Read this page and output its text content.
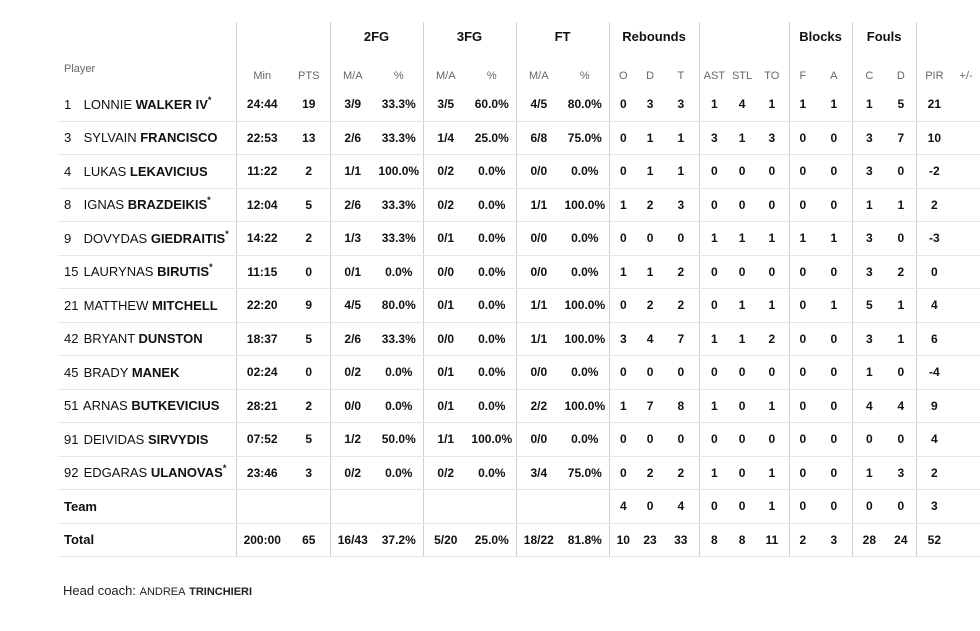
			2FG		3FG		FT		Rebounds						Blocks		Fouls			
Player	Min	PTS	M/A	%	M/A	%	M/A	%	O	D	T	AST	STL	TO	F	A	C	D	PIR	+/-
1 LONNIE WALKER IV*	24:44	19	3/9	33.3%	3/5	60.0%	4/5	80.0%	0	3	3	1	4	1	1	1	1	5	21	
3 SYLVAIN FRANCISCO	22:53	13	2/6	33.3%	1/4	25.0%	6/8	75.0%	0	1	1	3	1	3	0	0	3	7	10	
4 LUKAS LEKAVICIUS	11:22	2	1/1	100.0%	0/2	0.0%	0/0	0.0%	0	1	1	0	0	0	0	0	3	0	-2	
8 IGNAS BRAZDEIKIS*	12:04	5	2/6	33.3%	0/2	0.0%	1/1	100.0%	1	2	3	0	0	0	0	0	1	1	2	
9 DOVYDAS GIEDRAITIS*	14:22	2	1/3	33.3%	0/1	0.0%	0/0	0.0%	0	0	0	1	1	1	1	1	3	0	-3	
15 LAURYNAS BIRUTIS*	11:15	0	0/1	0.0%	0/0	0.0%	0/0	0.0%	1	1	2	0	0	0	0	0	3	2	0	
21 MATTHEW MITCHELL	22:20	9	4/5	80.0%	0/1	0.0%	1/1	100.0%	0	2	2	0	1	1	0	1	5	1	4	
42 BRYANT DUNSTON	18:37	5	2/6	33.3%	0/0	0.0%	1/1	100.0%	3	4	7	1	1	2	0	0	3	1	6	
45 BRADY MANEK	02:24	0	0/2	0.0%	0/1	0.0%	0/0	0.0%	0	0	0	0	0	0	0	0	1	0	-4	
51 ARNAS BUTKEVICIUS	28:21	2	0/0	0.0%	0/1	0.0%	2/2	100.0%	1	7	8	1	0	1	0	0	4	4	9	
91 DEIVIDAS SIRVYDIS	07:52	5	1/2	50.0%	1/1	100.0%	0/0	0.0%	0	0	0	0	0	0	0	0	0	0	4	
92 EDGARAS ULANOVAS*	23:46	3	0/2	0.0%	0/2	0.0%	3/4	75.0%	0	2	2	1	0	1	0	0	1	3	2	
Team									4	0	4	0	0	1	0	0	0	0	3	
Total	200:00	65	16/43	37.2%	5/20	25.0%	18/22	81.8%	10	23	33	8	8	11	2	3	28	24	52	
Head coach: ANDREA TRINCHIERI
